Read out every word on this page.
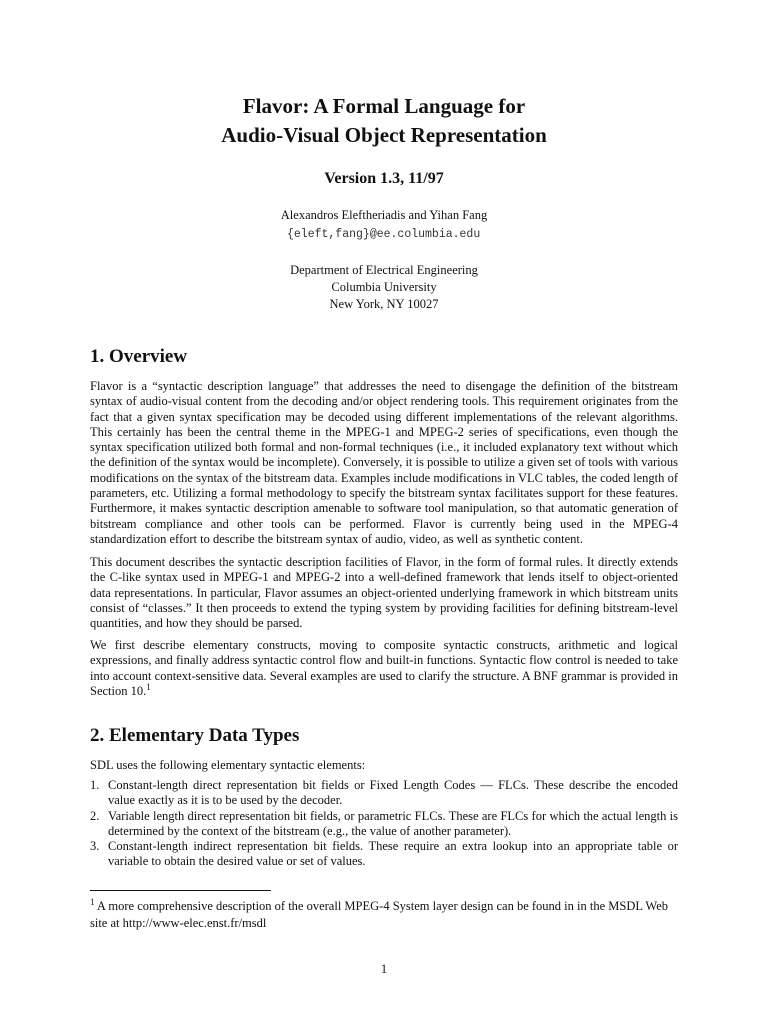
Flavor: A Formal Language for
Audio-Visual Object Representation
Version 1.3, 11/97
Alexandros Eleftheriadis and Yihan Fang
{eleft,fang}@ee.columbia.edu
Department of Electrical Engineering
Columbia University
New York, NY 10027
1. Overview

Flavor is a “syntactic description language” that addresses the need to disengage the definition of the bitstream syntax of audio-visual content from the decoding and/or object rendering tools. This requirement originates from the fact that a given syntax specification may be decoded using different implementations of the relevant algorithms. This certainly has been the central theme in the MPEG-1 and MPEG-2 series of specifications, even though the syntax specification utilized both formal and non-formal techniques (i.e., it included explanatory text without which the definition of the syntax would be incomplete). Conversely, it is possible to utilize a given set of tools with various modifications on the syntax of the bitstream data. Examples include modifications in VLC tables, the coded length of parameters, etc. Utilizing a formal methodology to specify the bitstream syntax facilitates support for these features. Furthermore, it makes syntactic description amenable to software tool manipulation, so that automatic generation of bitstream compliance and other tools can be performed. Flavor is currently being used in the MPEG-4 standardization effort to describe the bitstream syntax of audio, video, as well as synthetic content.

This document describes the syntactic description facilities of Flavor, in the form of formal rules. It directly extends the C-like syntax used in MPEG-1 and MPEG-2 into a well-defined framework that lends itself to object-oriented data representations. In particular, Flavor assumes an object-oriented underlying framework in which bitstream units consist of “classes.” It then proceeds to extend the typing system by providing facilities for defining bitstream-level quantities, and how they should be parsed.

We first describe elementary constructs, moving to composite syntactic constructs, arithmetic and logical expressions, and finally address syntactic control flow and built-in functions. Syntactic flow control is needed to take into account context-sensitive data. Several examples are used to clarify the structure. A BNF grammar is provided in Section 10.$^1$

2. Elementary Data Types

SDL uses the following elementary syntactic elements:

1. Constant-length direct representation bit fields or Fixed Length Codes — FLCs. These describe the encoded value exactly as it is to be used by the decoder.
2. Variable length direct representation bit fields, or parametric FLCs. These are FLCs for which the actual length is determined by the context of the bitstream (e.g., the value of another parameter).
3. Constant-length indirect representation bit fields. These require an extra lookup into an appropriate table or variable to obtain the desired value or set of values.
$^1$ A more comprehensive description of the overall MPEG-4 System layer design can be found in in the MSDL Web site at http://www-elec.enst.fr/msdl
1
